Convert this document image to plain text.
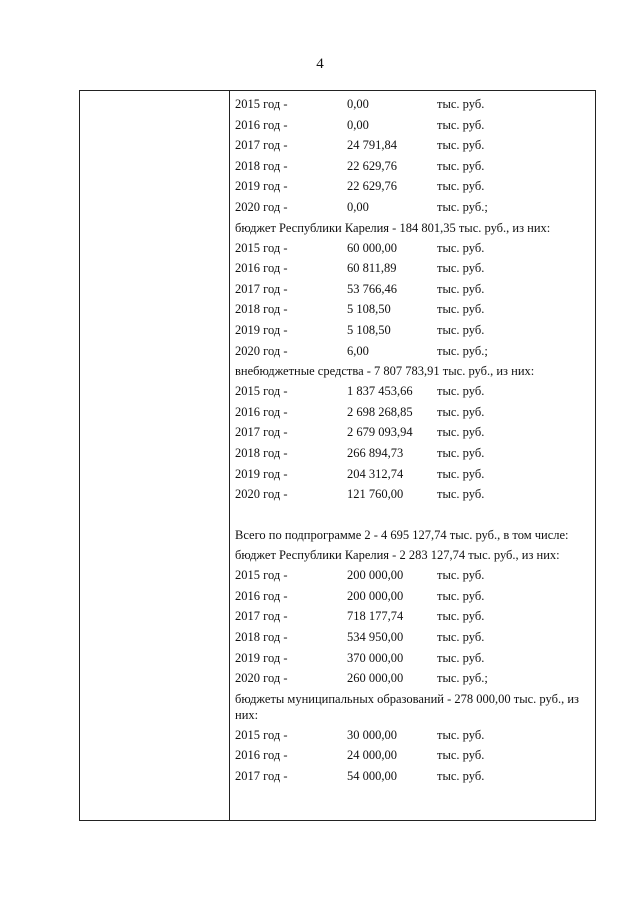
4
2015 год -	0,00	тыс. руб.
2016 год -	0,00	тыс. руб.
2017 год -	24 791,84	тыс. руб.
2018 год -	22 629,76	тыс. руб.
2019 год -	22 629,76	тыс. руб.
2020 год -	0,00	тыс. руб.;
бюджет Республики Карелия - 184 801,35 тыс. руб., из них:
2015 год -	60 000,00	тыс. руб.
2016 год -	60 811,89	тыс. руб.
2017 год -	53 766,46	тыс. руб.
2018 год -	5 108,50	тыс. руб.
2019 год -	5 108,50	тыс. руб.
2020 год -	6,00	тыс. руб.;
внебюджетные средства - 7 807 783,91 тыс. руб., из них:
2015 год -	1 837 453,66 тыс. руб.
2016 год -	2 698 268,85 тыс. руб.
2017 год -	2 679 093,94 тыс. руб.
2018 год -	266 894,73	тыс. руб.
2019 год -	204 312,74	тыс. руб.
2020 год -	121 760,00	тыс. руб.
Всего по подпрограмме 2 - 4 695 127,74 тыс. руб., в том числе:
бюджет Республики Карелия - 2 283 127,74 тыс. руб., из них:
2015 год -	200 000,00	тыс. руб.
2016 год -	200 000,00	тыс. руб.
2017 год -	718 177,74	тыс. руб.
2018 год -	534 950,00	тыс. руб.
2019 год -	370 000,00	тыс. руб.
2020 год -	260 000,00	тыс. руб.;
бюджеты муниципальных образований - 278 000,00 тыс. руб., из них:
2015 год -	30 000,00	тыс. руб.
2016 год -	24 000,00	тыс. руб.
2017 год -	54 000,00	тыс. руб.
